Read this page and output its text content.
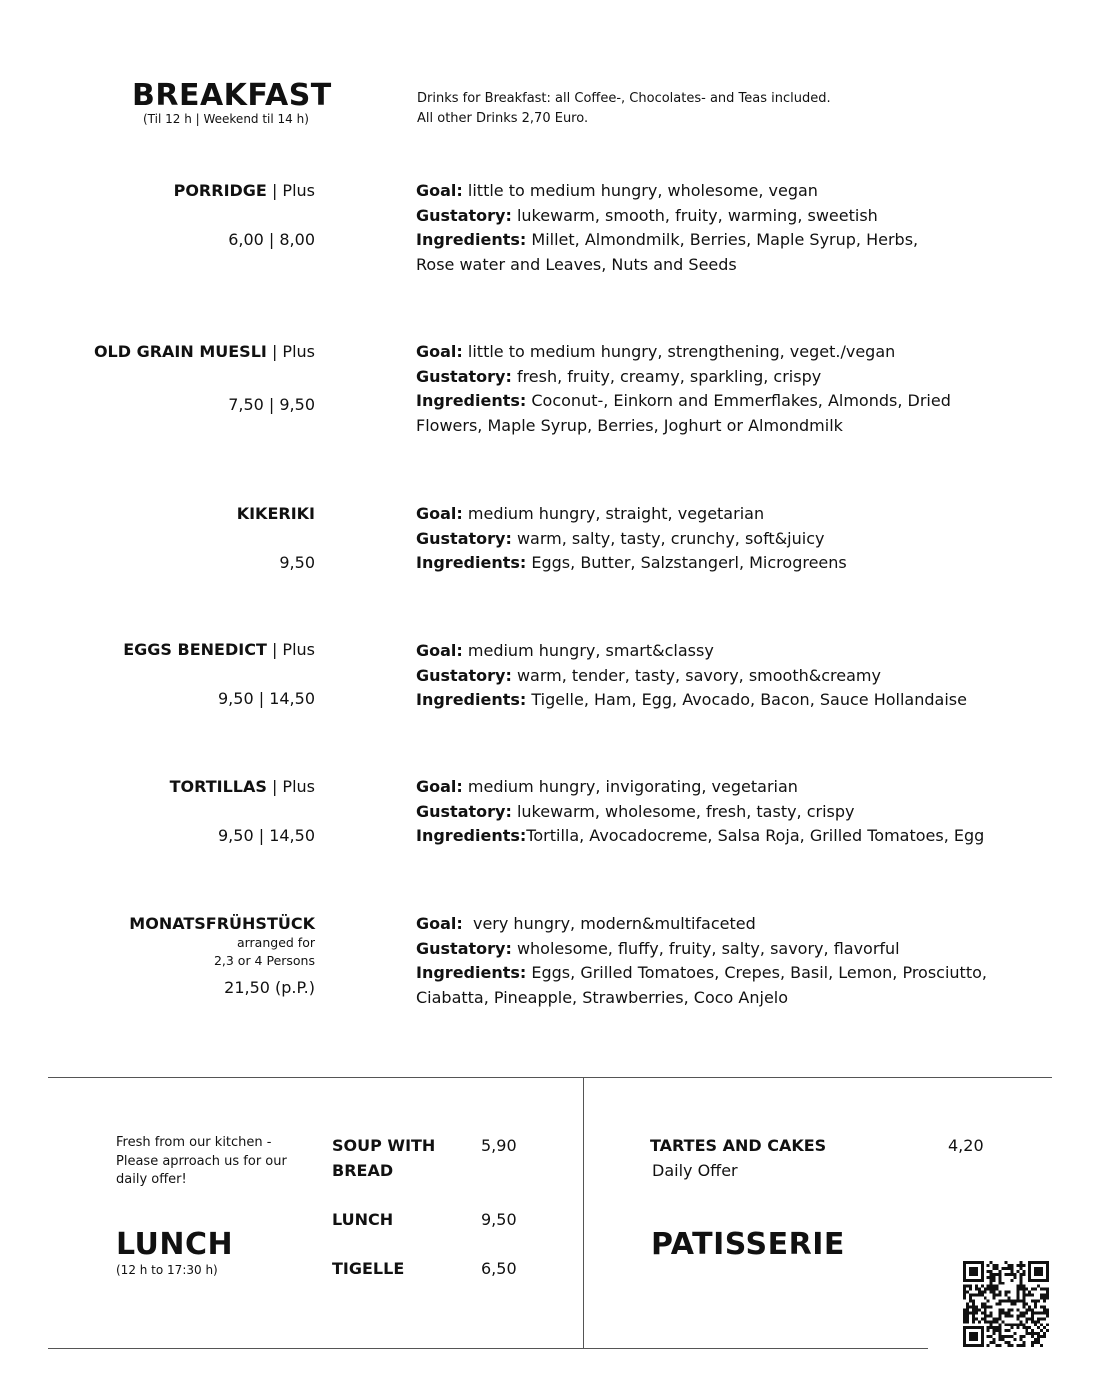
BREAKFAST
(Til 12 h | Weekend til 14 h)
Drinks for Breakfast: all Coffee-, Chocolates- and Teas included.
All other Drinks 2,70 Euro.
PORRIDGE | Plus
6,00 | 8,00
Goal: little to medium hungry, wholesome, vegan
Gustatory: lukewarm, smooth, fruity, warming, sweetish
Ingredients: Millet, Almondmilk, Berries, Maple Syrup, Herbs,
Rose water and Leaves, Nuts and Seeds
OLD GRAIN MUESLI | Plus
7,50 | 9,50
Goal: little to medium hungry, strengthening, veget./vegan
Gustatory: fresh, fruity, creamy, sparkling, crispy
Ingredients: Coconut-, Einkorn and Emmerflakes, Almonds, Dried
Flowers, Maple Syrup, Berries, Joghurt or Almondmilk
KIKERIKI
9,50
Goal: medium hungry, straight, vegetarian
Gustatory: warm, salty, tasty, crunchy, soft&juicy
Ingredients: Eggs, Butter, Salzstangerl, Microgreens
EGGS BENEDICT | Plus
9,50 | 14,50
Goal: medium hungry, smart&classy
Gustatory: warm, tender, tasty, savory, smooth&creamy
Ingredients: Tigelle, Ham, Egg, Avocado, Bacon, Sauce Hollandaise
TORTILLAS | Plus
9,50 | 14,50
Goal: medium hungry, invigorating, vegetarian
Gustatory: lukewarm, wholesome, fresh, tasty, crispy
Ingredients:Tortilla, Avocadocreme, Salsa Roja, Grilled Tomatoes, Egg
MONATSFRÜHSTÜCK
arranged for
2,3 or 4 Persons
21,50 (p.P.)
Goal:  very hungry, modern&multifaceted
Gustatory: wholesome, fluffy, fruity, salty, savory, flavorful
Ingredients: Eggs, Grilled Tomatoes, Crepes, Basil, Lemon, Prosciutto,
Ciabatta, Pineapple, Strawberries, Coco Anjelo
Fresh from our kitchen -
Please aprroach us for our
daily offer!
LUNCH
(12 h to 17:30 h)
SOUP WITH
BREAD
5,90
LUNCH	9,50
TIGELLE	6,50
TARTES AND CAKES
Daily Offer
4,20
PATISSERIE
